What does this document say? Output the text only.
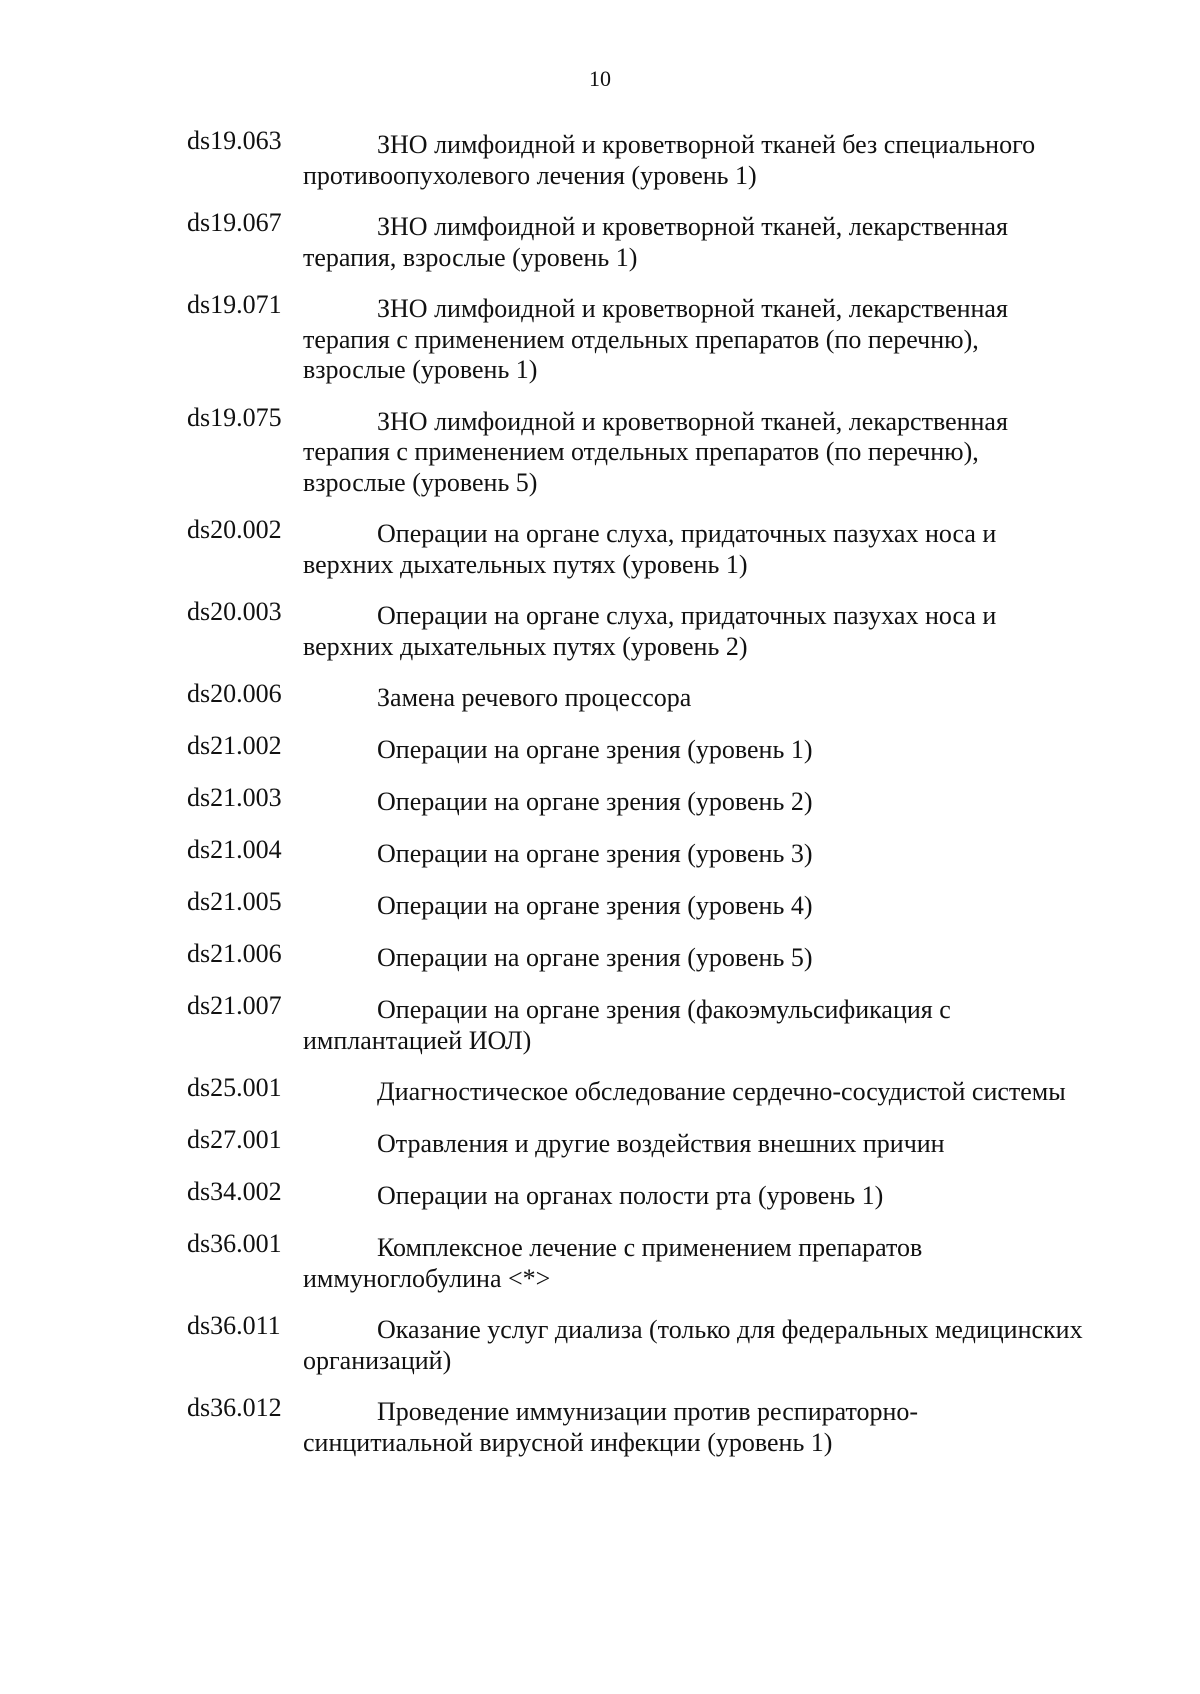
10
ds19.063	ЗНО лимфоидной и кроветворной тканей без специального противоопухолевого лечения (уровень 1)
ds19.067	ЗНО лимфоидной и кроветворной тканей, лекарственная терапия, взрослые (уровень 1)
ds19.071	ЗНО лимфоидной и кроветворной тканей, лекарственная терапия с применением отдельных препаратов (по перечню), взрослые (уровень 1)
ds19.075	ЗНО лимфоидной и кроветворной тканей, лекарственная терапия с применением отдельных препаратов (по перечню), взрослые (уровень 5)
ds20.002	Операции на органе слуха, придаточных пазухах носа и верхних дыхательных путях (уровень 1)
ds20.003	Операции на органе слуха, придаточных пазухах носа и верхних дыхательных путях (уровень 2)
ds20.006	Замена речевого процессора
ds21.002	Операции на органе зрения (уровень 1)
ds21.003	Операции на органе зрения (уровень 2)
ds21.004	Операции на органе зрения (уровень 3)
ds21.005	Операции на органе зрения (уровень 4)
ds21.006	Операции на органе зрения (уровень 5)
ds21.007	Операции на органе зрения (факоэмульсификация с имплантацией ИОЛ)
ds25.001	Диагностическое обследование сердечно-сосудистой системы
ds27.001	Отравления и другие воздействия внешних причин
ds34.002	Операции на органах полости рта (уровень 1)
ds36.001	Комплексное лечение с применением препаратов иммуноглобулина <*>
ds36.011	Оказание услуг диализа (только для федеральных медицинских организаций)
ds36.012	Проведение иммунизации против респираторно-синцитиальной вирусной инфекции (уровень 1)
